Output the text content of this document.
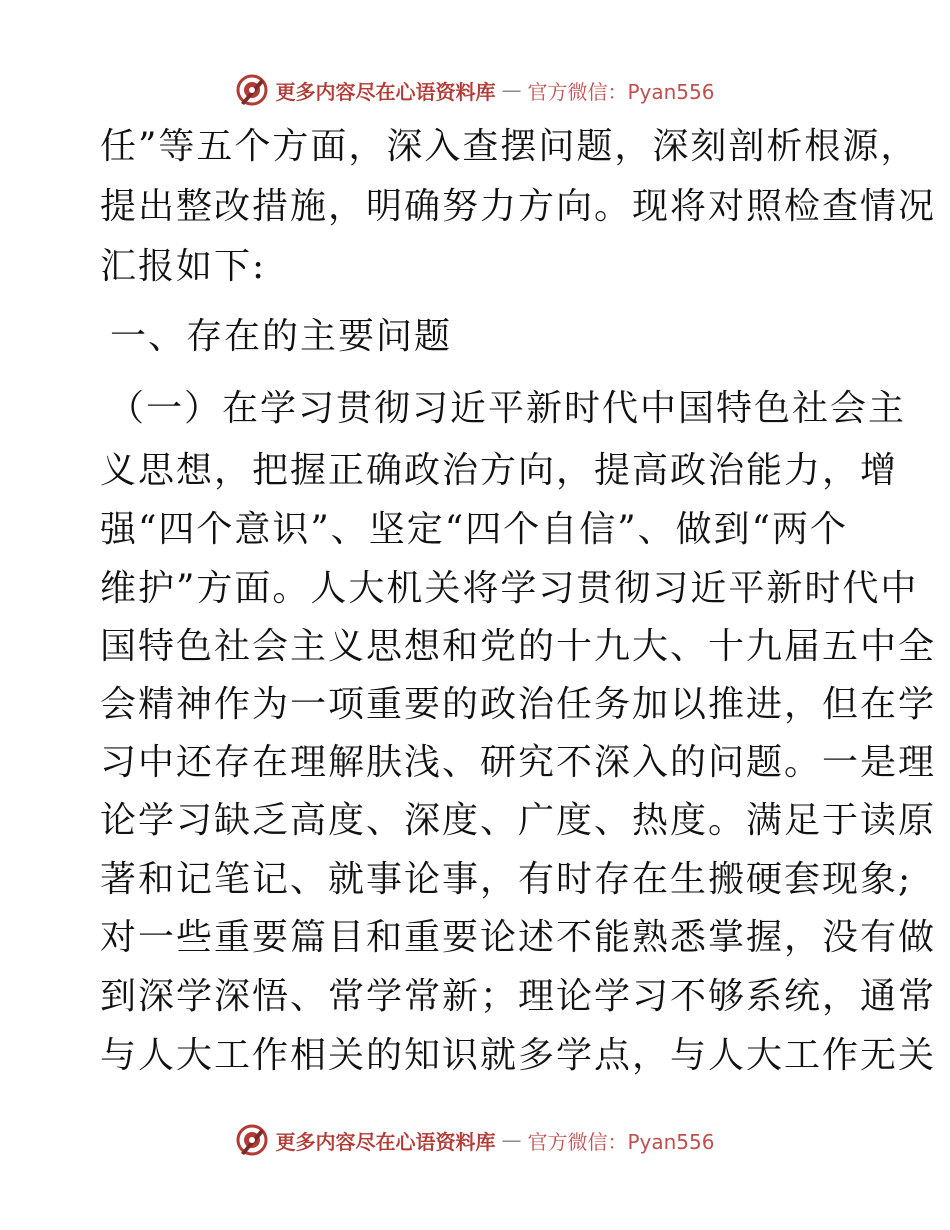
更多内容尽在心语资料库 — 官方微信：Pyan556
任”等五个方面，深入查摆问题，深刻剖析根源，
提出整改措施，明确努力方向。现将对照检查情况
汇报如下:
一、存在的主要问题
（一）在学习贯彻习近平新时代中国特色社会主
义思想，把握正确政治方向，提高政治能力，增
强“四个意识”、坚定“四个自信”、做到“两个
维护”方面。人大机关将学习贯彻习近平新时代中
国特色社会主义思想和党的十九大、十九届五中全
会精神作为一项重要的政治任务加以推进，但在学
习中还存在理解肤浅、研究不深入的问题。一是理
论学习缺乏高度、深度、广度、热度。满足于读原
著和记笔记、就事论事，有时存在生搬硬套现象;
对一些重要篇目和重要论述不能熟悉掌握，没有做
到深学深悟、常学常新；理论学习不够系统，通常
与人大工作相关的知识就多学点，与人大工作无关
更多内容尽在心语资料库 — 官方微信：Pyan556
